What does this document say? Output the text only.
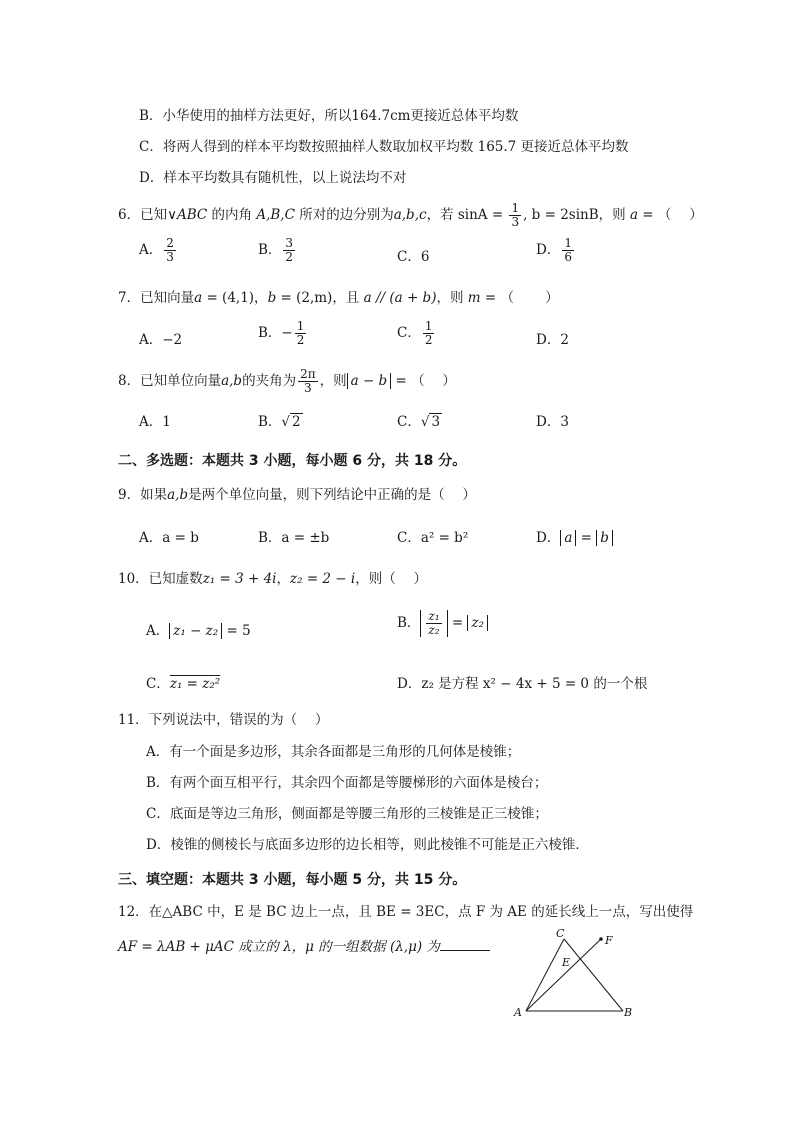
B．小华使用的抽样方法更好，所以164.7cm更接近总体平均数
C．将两人得到的样本平均数按照抽样人数取加权平均数 165.7 更接近总体平均数
D．样本平均数具有随机性，以上说法均不对
6．已知∨ABC 的内角 A,B,C 所对的边分别为a,b,c，若 $\sin A = \frac{1}{3}$ , b = 2sinB，则 a = （　 ）
A． $\frac{2}{3}$	B． $\frac{3}{2}$	C．6	D． $\frac{1}{6}$
7．已知向量a = (4,1)，b = (2,m)，且 a // (a + b)，则 m = （　　 ）
A．−2	B．− $\frac{1}{2}$	C． $\frac{1}{2}$	D．2
8．已知单位向量a,b的夹角为 $\frac{2\pi}{3}$ ，则 a − b = （　 ）
A．1	B．√ 2	C．√ 3	D．3
二、多选题：本题共 3 小题，每小题 6 分，共 18 分。
9．如果a,b是两个单位向量，则下列结论中正确的是（　 ）
A．a = b	B．a = ±b	C．a² = b²	D． a = b
10．已知虚数z₁ = 3 + 4i，z₂ = 2 − i，则（　 ）
A． z₁ − z₂ = 5	B． $\frac{\text{z₁}}{\text{z₂}} = z_2$
C．z₁ = z₂²	D．z₂ 是方程 x² − 4x + 5 = 0 的一个根
11．下列说法中，错误的为（　 ）
A．有一个面是多边形，其余各面都是三角形的几何体是棱锥；
B．有两个面互相平行，其余四个面都是等腰梯形的六面体是棱台；
C．底面是等边三角形，侧面都是等腰三角形的三棱锥是正三棱锥；
D．棱锥的侧棱长与底面多边形的边长相等，则此棱锥不可能是正六棱锥．
三、填空题：本题共 3 小题，每小题 5 分，共 15 分。
12．在△ABC 中，E 是 BC 边上一点，且 BE = 3EC，点 F 为 AE 的延长线上一点，写出使得
AF = λAB + μAC 成立的 λ，μ 的一组数据 (λ,μ) 为
A	B
C
E
F
